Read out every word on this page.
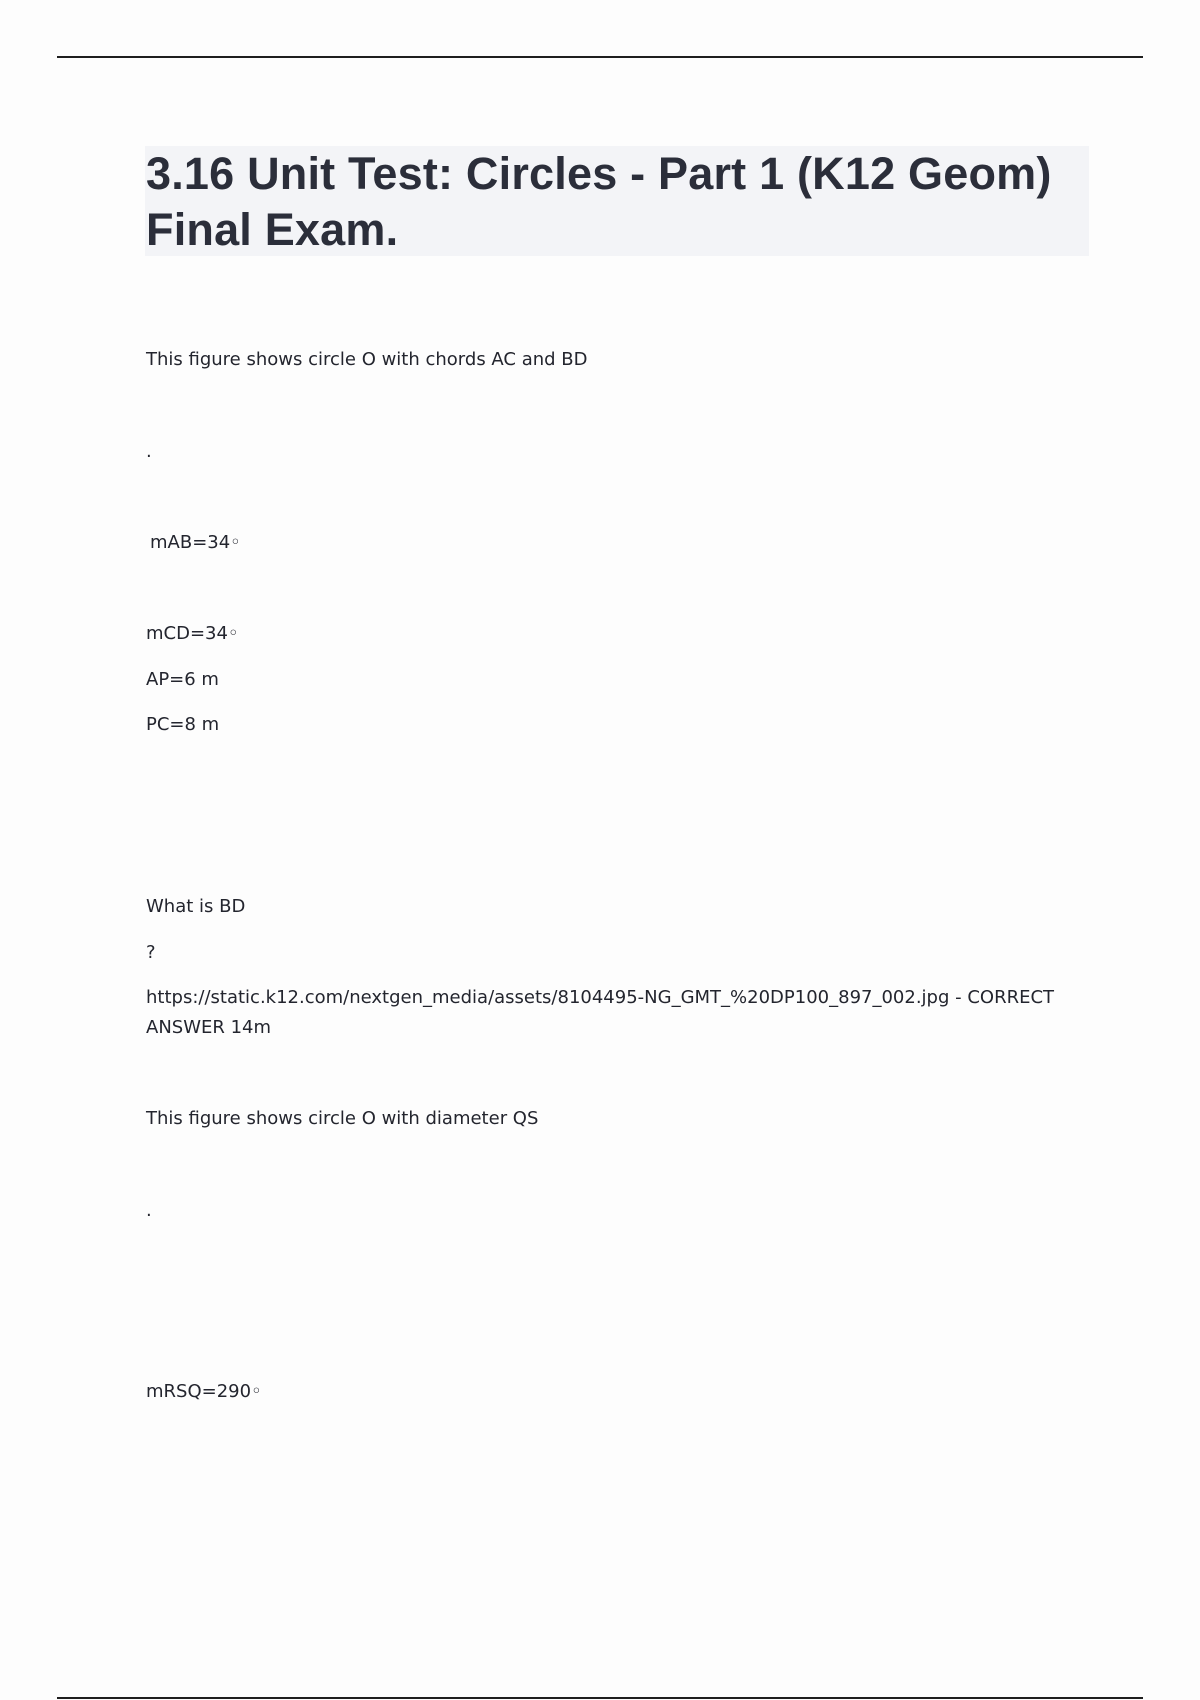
3.16 Unit Test: Circles - Part 1 (K12 Geom) Final Exam.

This figure shows circle O with chords AC and BD

.

mAB=34◦

mCD=34◦

AP=6 m

PC=8 m

What is BD

?

https://static.k12.com/nextgen_media/assets/8104495-NG_GMT_%20DP100_897_002.jpg - CORRECT ANSWER 14m

This figure shows circle O with diameter QS

.

mRSQ=290◦
